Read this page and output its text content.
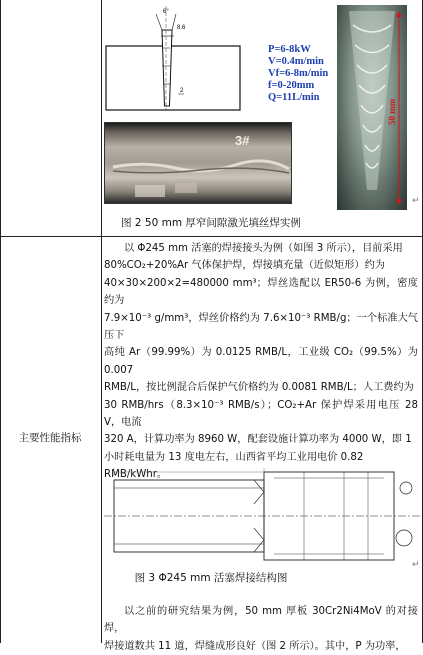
6°
8.6
2
P=6-8kW
V=0.4m/min
Vf=6-8m/min
f=0-20mm
Q=11L/min
3#
50 mm
图 2 50 mm 厚窄间隙激光填丝焊实例
↵
以 Φ245 mm 活塞的焊接接头为例（如图 3 所示），目前采用
80%CO₂+20%Ar 气体保护焊，焊接填充量（近似矩形）约为
40×30×200×2=480000 mm³；焊丝选配以 ER50-6 为例，密度约为
7.9×10⁻³ g/mm³，焊丝价格约为 7.6×10⁻³ RMB/g；一个标准大气压下
高纯 Ar（99.99%）为 0.0125 RMB/L，工业级 CO₂（99.5%）为 0.007
RMB/L，按比例混合后保护气价格约为 0.0081 RMB/L；人工费约为
30 RMB/hrs（8.3×10⁻³ RMB/s）；CO₂+Ar 保护焊采用电压 28 V，电流
320 A，计算功率为 8960 W，配套设施计算功率为 4000 W，即 1
小时耗电量为 13 度电左右，山西省平均工业用电价 0.82
RMB/kWhr。
主要性能指标
图 3 Φ245 mm 活塞焊接结构图
↵
以之前的研究结果为例，50 mm 厚板 30Cr2Ni4MoV 的对接焊，
焊接道数共 11 道，焊缝成形良好（图 2 所示）。其中，P 为功率，
